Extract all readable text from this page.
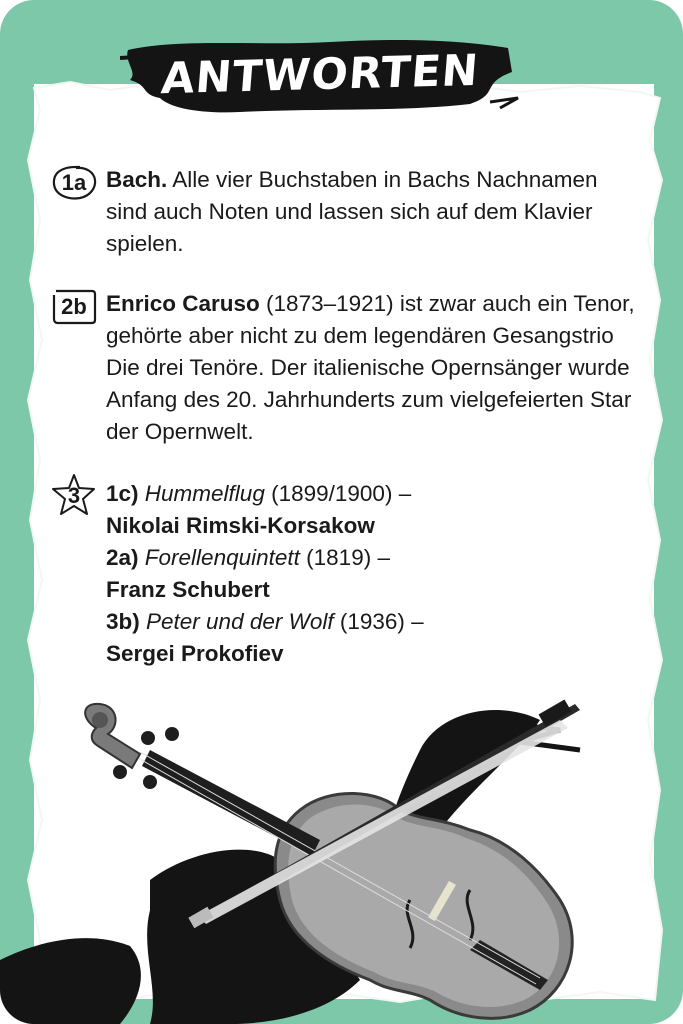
ANTWORTEN
1a Bach. Alle vier Buchstaben in Bachs Nachnamen sind auch Noten und lassen sich auf dem Klavier spielen.
2b Enrico Caruso (1873–1921) ist zwar auch ein Tenor, gehörte aber nicht zu dem legendären Gesangstrio Die drei Tenöre. Der italienische Opernsänger wurde Anfang des 20. Jahrhunderts zum vielgefeierten Star der Opernwelt.
3	1c) Hummelflug (1899/1900) –
Nikolai Rimski-Korsakow
2a) Forellenquintett (1819) –
Franz Schubert
3b) Peter und der Wolf (1936) –
Sergei Prokofiev
